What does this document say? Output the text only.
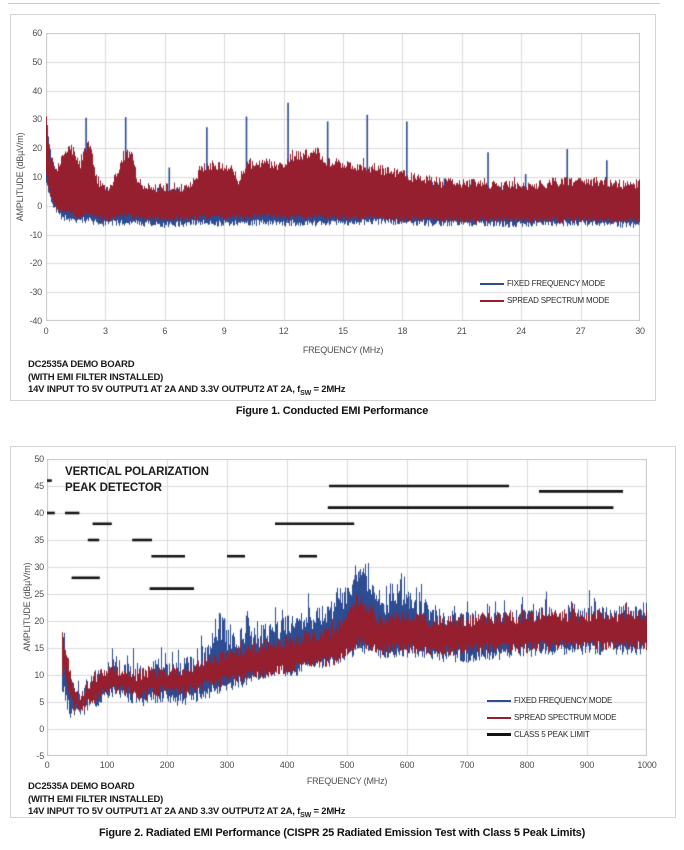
FIXED FREQUENCY MODE
SPREAD SPECTRUM MODE
AMPLITUDE (dBµV/m)
FREQUENCY (MHz)
DC2535A DEMO BOARD
(WITH EMI FILTER INSTALLED)
14V INPUT TO 5V OUTPUT1 AT 2A AND 3.3V OUTPUT2 AT 2A, $f_{SW} = 2MHz$
Figure 1. Conducted EMI Performance
VERTICAL POLARIZATION
PEAK DETECTOR
FIXED FREQUENCY MODE
SPREAD SPECTRUM MODE
CLASS 5 PEAK LIMIT
AMPLITUDE (dBµV/m)
FREQUENCY (MHz)
DC2535A DEMO BOARD
(WITH EMI FILTER INSTALLED)
14V INPUT TO 5V OUTPUT1 AT 2A AND 3.3V OUTPUT2 AT 2A, $f_{SW} = 2MHz$
Figure 2. Radiated EMI Performance (CISPR 25 Radiated Emission Test with Class 5 Peak Limits)
60
50
40
30
20
10
0
-10
-20
-30
-40
0	3	6	9	12	15	18	21	24	27	30
50
45
40
35
30
25
20
15
10
5
0
-5
0	100	200	300	400	500	600	700	800	900	1000
